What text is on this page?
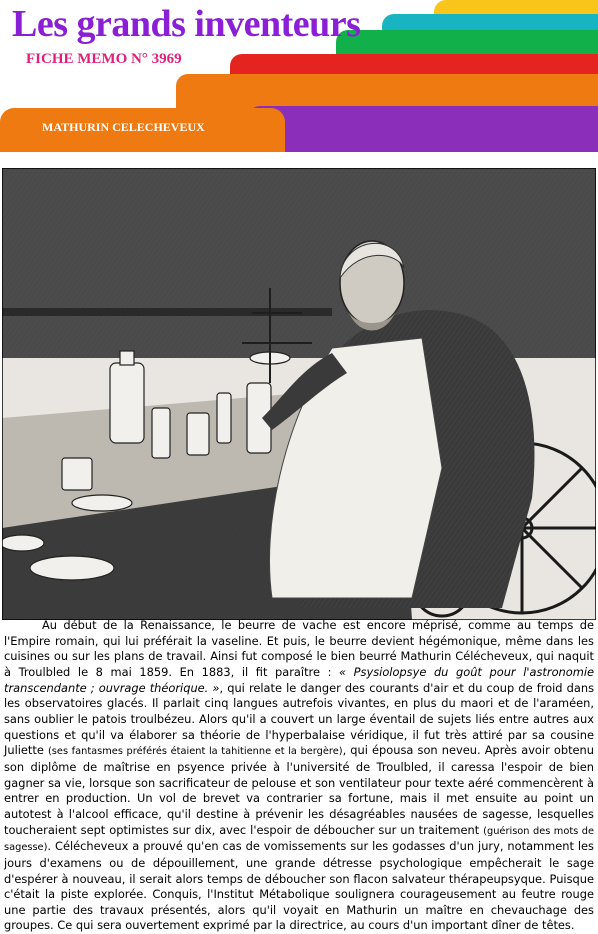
Les grands inventeurs
FICHE MEMO N° 3969
MATHURIN CELECHEVEUX

Au début de la Renaissance, le beurre de vache est encore méprisé, comme au temps de l'Empire romain, qui lui préférait la vaseline. Et puis, le beurre devient hégémonique, même dans les cuisines ou sur les plans de travail. Ainsi fut composé le bien beurré Mathurin Célécheveux, qui naquit à Troulbled le 8 mai 1859. En 1883, il fit paraître : « Psysiolopsye du goût pour l'astronomie transcendante ; ouvrage théorique. », qui relate le danger des courants d'air et du coup de froid dans les observatoires glacés. Il parlait cinq langues autrefois vivantes, en plus du maori et de l'araméen, sans oublier le patois troulbézeu. Alors qu'il a couvert un large éventail de sujets liés entre autres aux questions et qu'il va élaborer sa théorie de l'hyperbalaise véridique, il fut très attiré par sa cousine Juliette (ses fantasmes préférés étaient la tahitienne et la bergère), qui épousa son neveu. Après avoir obtenu son diplôme de maîtrise en psyence privée à l'université de Troulbled, il caressa l'espoir de bien gagner sa vie, lorsque son sacrificateur de pelouse et son ventilateur pour texte aéré commencèrent à entrer en production. Un vol de brevet va contrarier sa fortune, mais il met ensuite au point un autotest à l'alcool efficace, qu'il destine à prévenir les désagréables nausées de sagesse, lesquelles toucheraient sept optimistes sur dix, avec l'espoir de déboucher sur un traitement (guérison des mots de sagesse). Célécheveux a prouvé qu'en cas de vomissements sur les godasses d'un jury, notamment les jours d'examens ou de dépouillement, une grande détresse psychologique empêcherait le sage d'espérer à nouveau, il serait alors temps de déboucher son flacon salvateur thérapeupsyque. Puisque c'était la piste explorée. Conquis, l'Institut Métabolique soulignera courageusement au feutre rouge une partie des travaux présentés, alors qu'il voyait en Mathurin un maître en chevauchage des groupes. Ce qui sera ouvertement exprimé par la directrice, au cours d'un important dîner de têtes.
